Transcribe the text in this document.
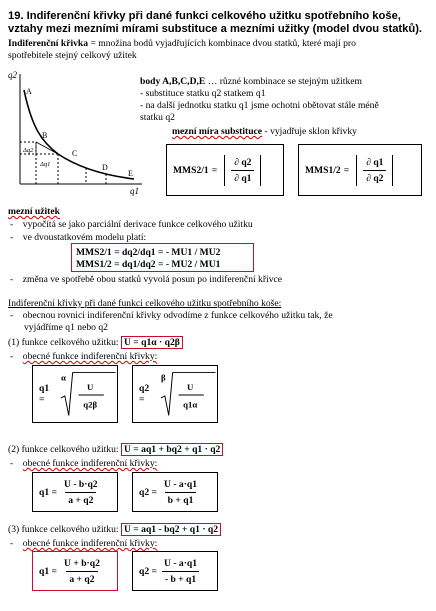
19. Indiferenční křivky při dané funkci celkového užitku spotřebního koše,
vztahy mezi mezními mírami substituce a mezními užitky (model dvou statků).
Indiferenční křivka = množina bodů vyjadřujících kombinace dvou statků, které mají pro
spotřebitele stejný celkový užitek
q2
q1
A
B
C
D
E
Δq2
Δq1
body A,B,C,D,E … různé kombinace se stejným užitkem
- substituce statku q2 statkem q1
- na další jednotku statku q1 jsme ochotni obětovat stále méně
statku q2
mezní míra substituce - vyjadřuje sklon křivky
MMS2/1 =
∂ q2
∂ q1
MMS1/2 =
∂ q1
∂ q2
mezní užitek
-    vypočítá se jako parciální derivace funkce celkového užitku
-    ve dvoustatkovém modelu platí:
MMS2/1 = dq2/dq1 = - MU1 / MU2
MMS1/2 = dq1/dq2 = - MU2 / MU1
-    změna ve spotřebě obou statků vyvolá posun po indiferenční křivce
Indiferenční křivky při dané funkci celkového užitku spotřebního koše:
-    obecnou rovnici indiferenční křivky odvodíme z funkce celkového užitku tak, že
vyjádříme q1 nebo q2
(1) funkce celkového užitku: U = q1α · q2β
-    obecné funkce indiferenční křivky:
q1 =
α
U
q2β
q2 =
β
U
q1α
(2) funkce celkového užitku: U = aq1 + bq2 + q1 · q2
-    obecné funkce indiferenční křivky:
$q1 = \frac{U - b\cdot q2}{a + q2}$	$q2 = \frac{U - a\cdot q1}{b + q1}$
(3) funkce celkového užitku: U = aq1 - bq2 + q1 · q2
-    obecné funkce indiferenční křivky:
$q1 = \frac{U + b\cdot q2}{a + q2}$	$q2 = \frac{U - a\cdot q1}{- b + q1}$
